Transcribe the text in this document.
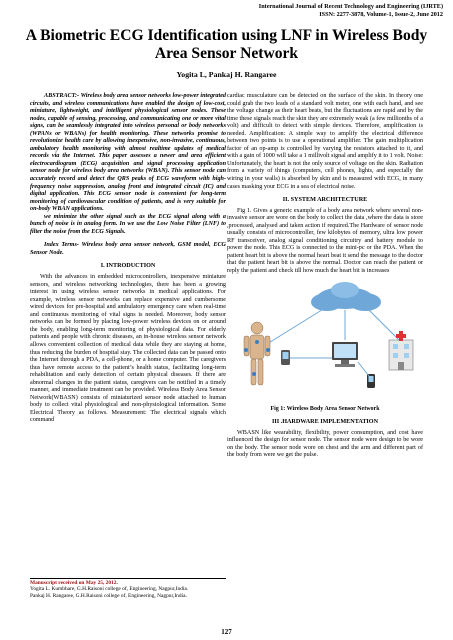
International Journal of Recent Technology and Engineering (IJRTE)
ISSN: 2277-3878, Volume-1, Issue-2, June 2012
A Biometric ECG Identification using LNF in Wireless Body Area Sensor Network
Yogita L, Pankaj H. Rangaree

ABSTRACT:- Wireless body area sensor networks low-power integrated circuits, and wireless communications have enabled the design of low-cost, miniature, lightweight, and intelligent physiological sensor nodes. These nodes, capable of sensing, processing, and communicating one or more vital signs, can be seamlessly integrated into wireless personal or body networks (WPANs or WBANs) for health monitoring. These networks promise to revolutionize health care by allowing inexpensive, non-invasive, continuous, ambulatory health monitoring with almost realtime updates of medical records via the Internet. This paper assesses a newer and area efficient electrocardiogram (ECG) acquisition and signal processing application sensor node for wireless body area networks (WBAN). This sensor node can accurately record and detect the QRS peaks of ECG waveform with high-frequency noise suppression, analog front and integrated circuit (IC) and digital application. This ECG sensor node is convenient for long-term monitoring of cardiovascular condition of patients, and is very suitable for on-body WBAN applications.

we minimize the other signal such as the ECG signal along with a bunch of noise is in analog form. In we use the Low Noise Filter (LNF) to filter the noise from the ECG Signals.

Index Terms- Wireless body area sensor network, GSM model, ECG Sensor Node.

I. INTRODUCTION

With the advances in embedded microcontrollers, inexpensive miniature sensors, and wireless networking technologies, there has been a growing interest in using wireless sensor networks in medical applications. For example, wireless sensor networks can replace expensive and cumbersome wired devices for pre-hospital and ambulatory emergency care when real-time and continuous monitoring of vital signs is needed. Moreover, body sensor networks can be formed by placing low-power wireless devices on or around the body, enabling long-term monitoring of physiological data. For elderly patients and people with chronic diseases, an in-house wireless sensor network allows convenient collection of medical data while they are staying at home, thus reducing the burden of hospital stay. The collected data can be passed onto the Internet through a PDA, a cell-phone, or a home computer. The caregivers thus have remote access to the patient’s health status, facilitating long-term rehabilitation and early detection of certain physical diseases. If there are abnormal changes in the patient status, caregivers can be notified in a timely manner, and immediate treatment can be provided. Wireless Body Area Sensor Network(WBASN) consists of miniaturized sensor node attached to human body to collect vital physiological and non-physiological information. Some Electrical Theory as follows. Measurement: The electrical signals which command

Manuscript received on May 25, 2012.
Yogita L. Kumbhare, G.H.Raisoni college of, Engineering, Nagpur,India.
Pankaj H. Rangaree, G.H.Raisoni college of, Engineering, Nagpur,India.

cardiac musculature can be detected on the surface of the skin. In theory one could grab the two leads of a standard volt meter, one with each hand, and see the voltage change as their heart beats, but the fluctuations are rapid and by the time these signals reach the skin they are extremely weak (a few millionths of a volt) and difficult to detect with simple devices. Therefore, amplification is needed. Amplification: A simple way to amplify the electrical difference between two points is to use a operational amplifier. The gain multiplication factor of an op-amp is controlled by varying the resistors attached to it, and with a gain of 1000 will take a 1 millivolt signal and amplify it to 1 volt. Noise: Unfortunately, the heart is not the only source of voltage on the skin. Radiation from a variety of things (computers, cell phones, lights, and especially the wiring in your walls) is absorbed by skin and is measured with ECG, in many cases masking your ECG in a sea of electrical noise.

II. SYSTEM ARCHITECTURE

Fig 1. Gives a generic example of a body area network where several non-invasive sensor are wore on the body to collect the data ,where the data is store ,processed, analysed and taken action if required.The Hardware of sensor node usually consists of microcontroller, few kilobytes of memory, ultra low power RF transceiver, analog signal conditioning circuitry and battery module to power the node. This ECG is connected to the mini-pc or the PDA. When the patient heart bit is above the normal heart beat it send the message to the doctor that the patient heart bit is above the normal. Doctor can reach the patient or reply the patient and check till how much the heart bit is increases

Fig 1: Wireless Body Area Sensor Network
III .HARDWARE IMPLEMENTATION

WBASN like wearability, flexibility, power consumption, and cost have influenced the design for sensor node. The sensor node were design to be wore on the body. The sensor node wore on chest and the arm and different part of the body from were we get the pulse.

127
